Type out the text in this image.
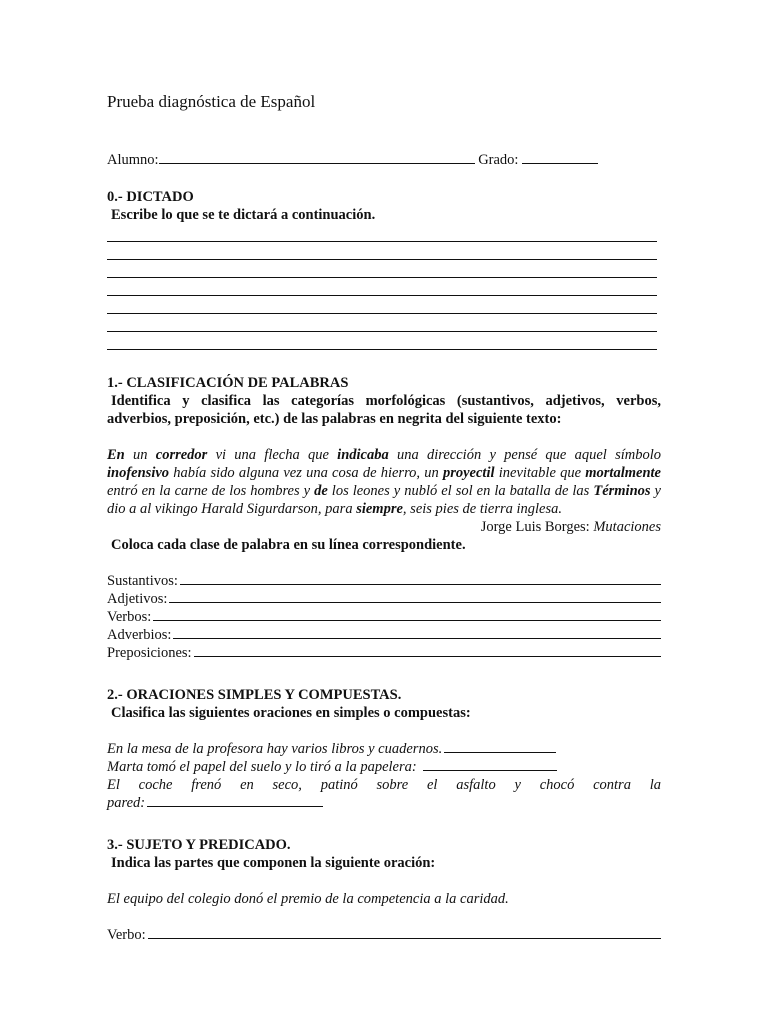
Prueba diagnóstica de Español

Alumno:	Grado:

0.- DICTADO

Escribe lo que se te dictará a continuación.

1.- CLASIFICACIÓN DE PALABRAS

Identifica y clasifica las categorías morfológicas (sustantivos, adjetivos, verbos, adverbios, preposición, etc.) de las palabras en negrita del siguiente texto:

En un corredor vi una flecha que indicaba una dirección y pensé que aquel símbolo inofensivo había sido alguna vez una cosa de hierro, un proyectil inevitable que mortalmente entró en la carne de los hombres y de los leones y nubló el sol en la batalla de las Términos y dio a al vikingo Harald Sigurdarson, para siempre, seis pies de tierra inglesa.

Jorge Luis Borges: Mutaciones

Coloca cada clase de palabra en su línea correspondiente.

Sustantivos:
Adjetivos:
Verbos:
Adverbios:
Preposiciones:

2.- ORACIONES SIMPLES Y COMPUESTAS.

Clasifica las siguientes oraciones en simples o compuestas:

En la mesa de la profesora hay varios libros y cuadernos.
Marta tomó el papel del suelo y lo tiró a la papelera:
El coche frenó en seco, patinó sobre el asfalto y chocó contra la
pared:

3.- SUJETO Y PREDICADO.

Indica las partes que componen la siguiente oración:

El equipo del colegio donó el premio de la competencia a la caridad.
Verbo:
